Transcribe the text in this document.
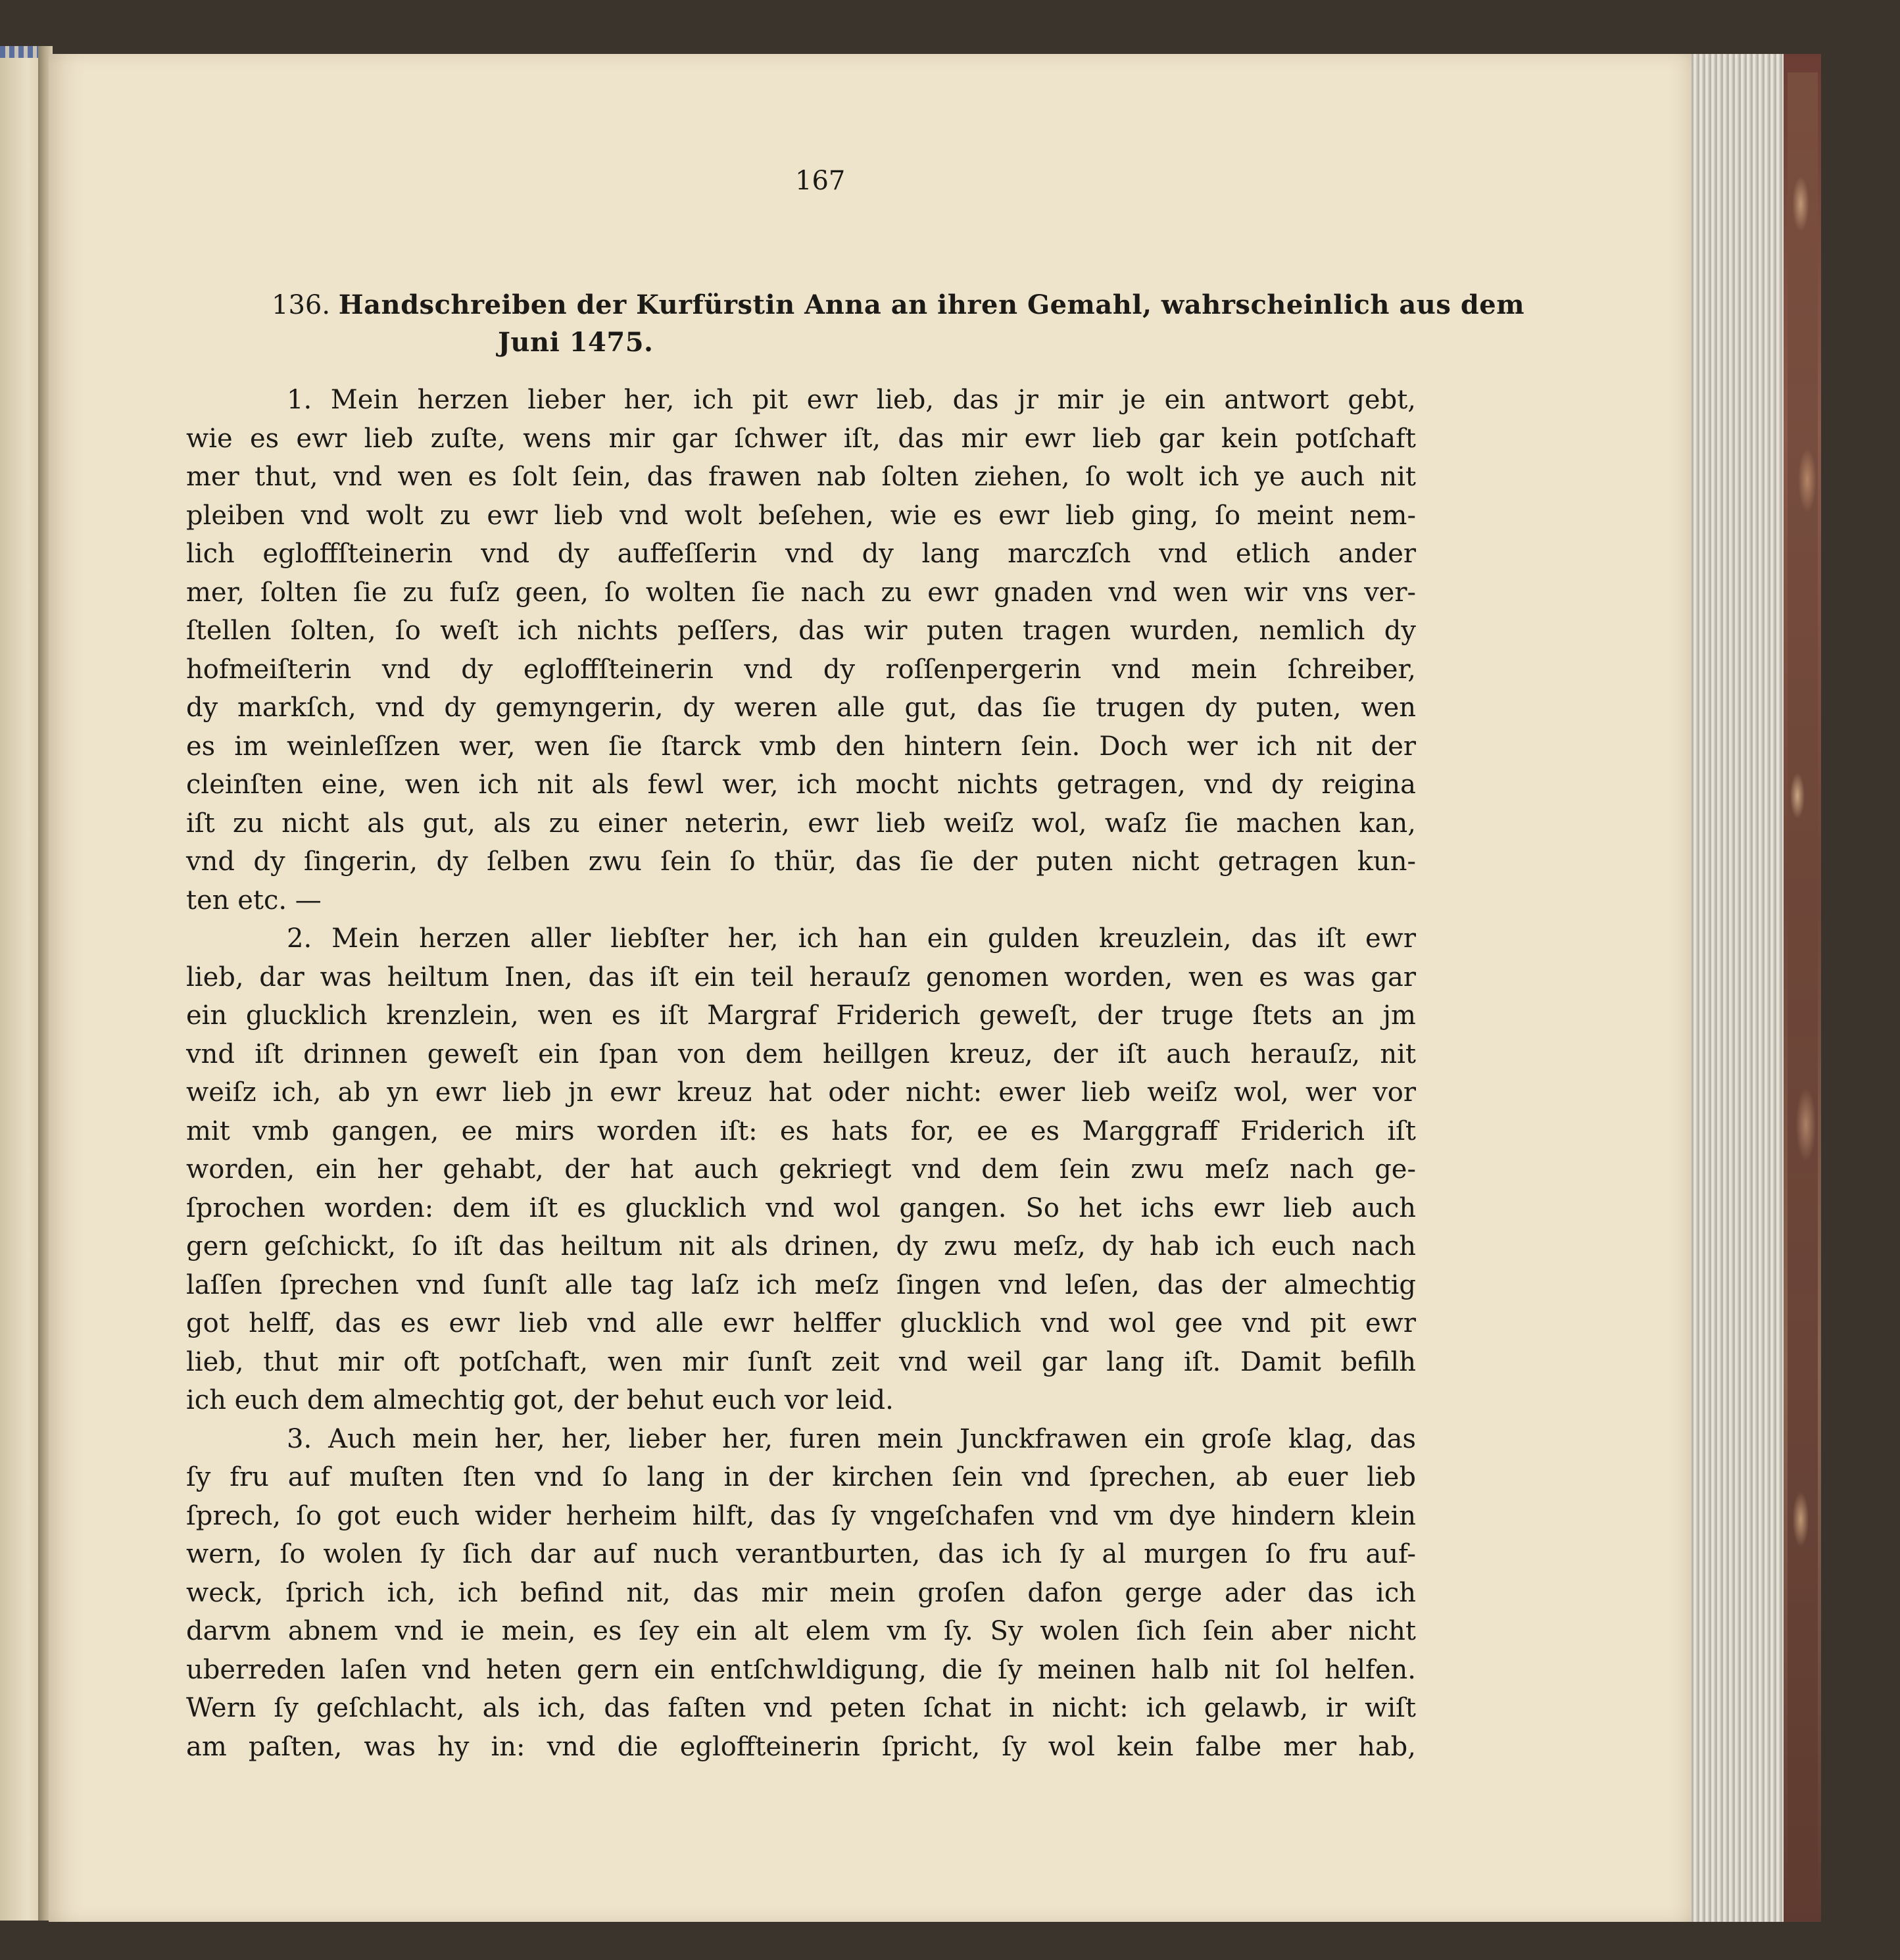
167
136. Handschreiben der Kurfürstin Anna an ihren Gemahl, wahrscheinlich aus dem
Juni 1475.
1. Mein herzen lieber her, ich pit ewr lieb, das jr mir je ein antwort gebt,
wie es ewr lieb zuſte, wens mir gar ſchwer iſt, das mir ewr lieb gar kein potſchaft
mer thut, vnd wen es ſolt ſein, das frawen nab ſolten ziehen, ſo wolt ich ye auch nit
pleiben vnd wolt zu ewr lieb vnd wolt beſehen, wie es ewr lieb ging, ſo meint nem-
lich egloffſteinerin vnd dy auffeſſerin vnd dy lang marczſch vnd etlich ander
mer, ſolten ſie zu fuſz geen, ſo wolten ſie nach zu ewr gnaden vnd wen wir vns ver-
ſtellen ſolten, ſo weſt ich nichts peſſers, das wir puten tragen wurden, nemlich dy
hofmeiſterin vnd dy egloffſteinerin vnd dy roſſenpergerin vnd mein ſchreiber,
dy markſch, vnd dy gemyngerin, dy weren alle gut, das ſie trugen dy puten, wen
es im weinleſſzen wer, wen ſie ſtarck vmb den hintern ſein. Doch wer ich nit der
cleinſten eine, wen ich nit als fewl wer, ich mocht nichts getragen, vnd dy reigina
iſt zu nicht als gut, als zu einer neterin, ewr lieb weiſz wol, waſz ſie machen kan,
vnd dy ſingerin, dy ſelben zwu ſein ſo thür, das ſie der puten nicht getragen kun-
ten etc. —
2. Mein herzen aller liebſter her, ich han ein gulden kreuzlein, das iſt ewr
lieb, dar was heiltum Inen, das iſt ein teil herauſz genomen worden, wen es was gar
ein glucklich krenzlein, wen es iſt Margraf Friderich geweſt, der truge ſtets an jm
vnd iſt drinnen geweſt ein ſpan von dem heillgen kreuz, der iſt auch herauſz, nit
weiſz ich, ab yn ewr lieb jn ewr kreuz hat oder nicht: ewer lieb weiſz wol, wer vor
mit vmb gangen, ee mirs worden iſt: es hats for, ee es Marggraff Friderich iſt
worden, ein her gehabt, der hat auch gekriegt vnd dem ſein zwu meſz nach ge-
ſprochen worden: dem iſt es glucklich vnd wol gangen. So het ichs ewr lieb auch
gern geſchickt, ſo iſt das heiltum nit als drinen, dy zwu meſz, dy hab ich euch nach
laſſen ſprechen vnd ſunſt alle tag laſz ich meſz ſingen vnd leſen, das der almechtig
got helff, das es ewr lieb vnd alle ewr helffer glucklich vnd wol gee vnd pit ewr
lieb, thut mir oft potſchaft, wen mir ſunſt zeit vnd weil gar lang iſt. Damit befilh
ich euch dem almechtig got, der behut euch vor leid.
3. Auch mein her, her, lieber her, furen mein Junckfrawen ein groſe klag, das
ſy fru auf muſten ſten vnd ſo lang in der kirchen ſein vnd ſprechen, ab euer lieb
ſprech, ſo got euch wider herheim hilft, das ſy vngeſchafen vnd vm dye hindern klein
wern, ſo wolen ſy ſich dar auf nuch verantburten, das ich ſy al murgen ſo fru auf-
weck, ſprich ich, ich befind nit, das mir mein groſen dafon gerge ader das ich
darvm abnem vnd ie mein, es ſey ein alt elem vm ſy. Sy wolen ſich ſein aber nicht
uberreden laſen vnd heten gern ein entſchwldigung, die ſy meinen halb nit ſol helfen.
Wern ſy geſchlacht, als ich, das faſten vnd peten ſchat in nicht: ich gelawb, ir wiſt
am paſten, was hy in: vnd die egloffteinerin ſpricht, ſy wol kein falbe mer hab,
